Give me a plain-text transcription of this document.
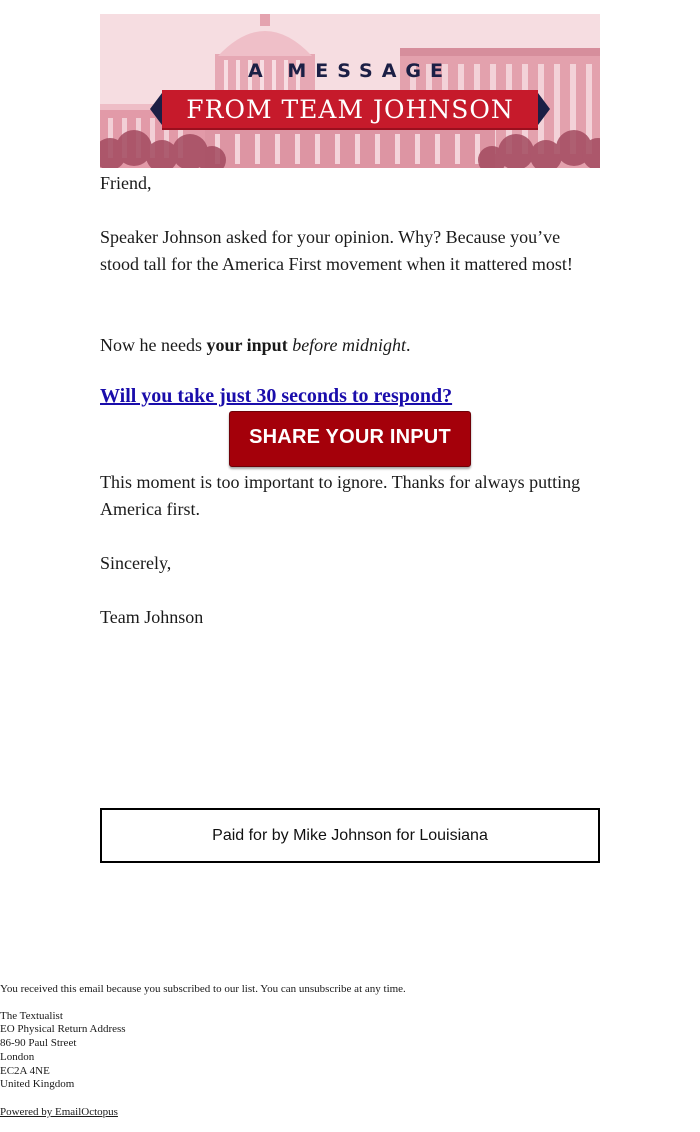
A MESSAGE
FROM TEAM JOHNSON

Friend,

Speaker Johnson asked for your opinion. Why? Because you’ve stood tall for the America First movement when it mattered most!

Now he needs your input before midnight.

Will you take just 30 seconds to respond?
SHARE YOUR INPUT

This moment is too important to ignore. Thanks for always putting America first.

Sincerely,

Team Johnson

Paid for by Mike Johnson for Louisiana

You received this email because you subscribed to our list. You can unsubscribe at any time.

The Textualist

EO Physical Return Address

86-90 Paul Street

London

EC2A 4NE

United Kingdom

Powered by EmailOctopus
